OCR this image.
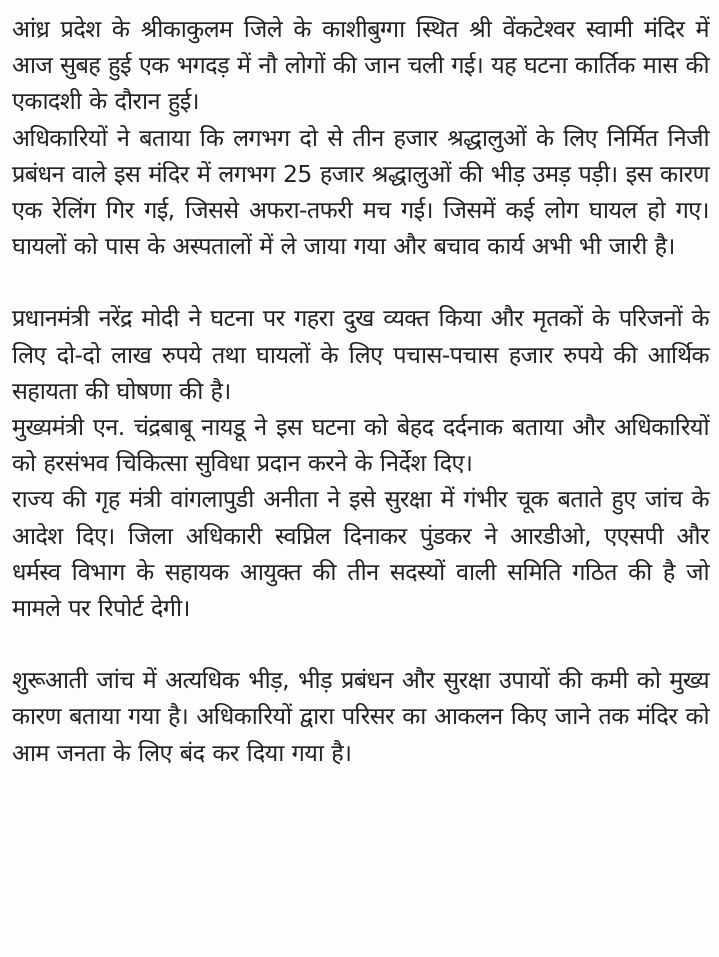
आंध्र प्रदेश के श्रीकाकुलम जिले के काशीबुग्गा स्थित श्री वेंकटेश्वर स्वामी मंदिर में आज सुबह हुई एक भगदड़ में नौ लोगों की जान चली गई। यह घटना कार्तिक मास की एकादशी के दौरान हुई।

अधिकारियों ने बताया कि लगभग दो से तीन हजार श्रद्धालुओं के लिए निर्मित निजी प्रबंधन वाले इस मंदिर में लगभग 25 हजार श्रद्धालुओं की भीड़ उमड़ पड़ी। इस कारण एक रेलिंग गिर गई, जिससे अफरा-तफरी मच गई। जिसमें कई लोग घायल हो गए। घायलों को पास के अस्पतालों में ले जाया गया और बचाव कार्य अभी भी जारी है।

प्रधानमंत्री नरेंद्र मोदी ने घटना पर गहरा दुख व्यक्त किया और मृतकों के परिजनों के लिए दो-दो लाख रुपये तथा घायलों के लिए पचास-पचास हजार रुपये की आर्थिक सहायता की घोषणा की है।

मुख्यमंत्री एन. चंद्रबाबू नायडू ने इस घटना को बेहद दर्दनाक बताया और अधिकारियों को हरसंभव चिकित्सा सुविधा प्रदान करने के निर्देश दिए।

राज्य की गृह मंत्री वांगलापुडी अनीता ने इसे सुरक्षा में गंभीर चूक बताते हुए जांच के आदेश दिए। जिला अधिकारी स्वप्निल दिनाकर पुंडकर ने आरडीओ, एएसपी और धर्मस्व विभाग के सहायक आयुक्त की तीन सदस्यों वाली समिति गठित की है जो मामले पर रिपोर्ट देगी।

शुरूआती जांच में अत्यधिक भीड़, भीड़ प्रबंधन और सुरक्षा उपायों की कमी को मुख्य कारण बताया गया है। अधिकारियों द्वारा परिसर का आकलन किए जाने तक मंदिर को आम जनता के लिए बंद कर दिया गया है।
